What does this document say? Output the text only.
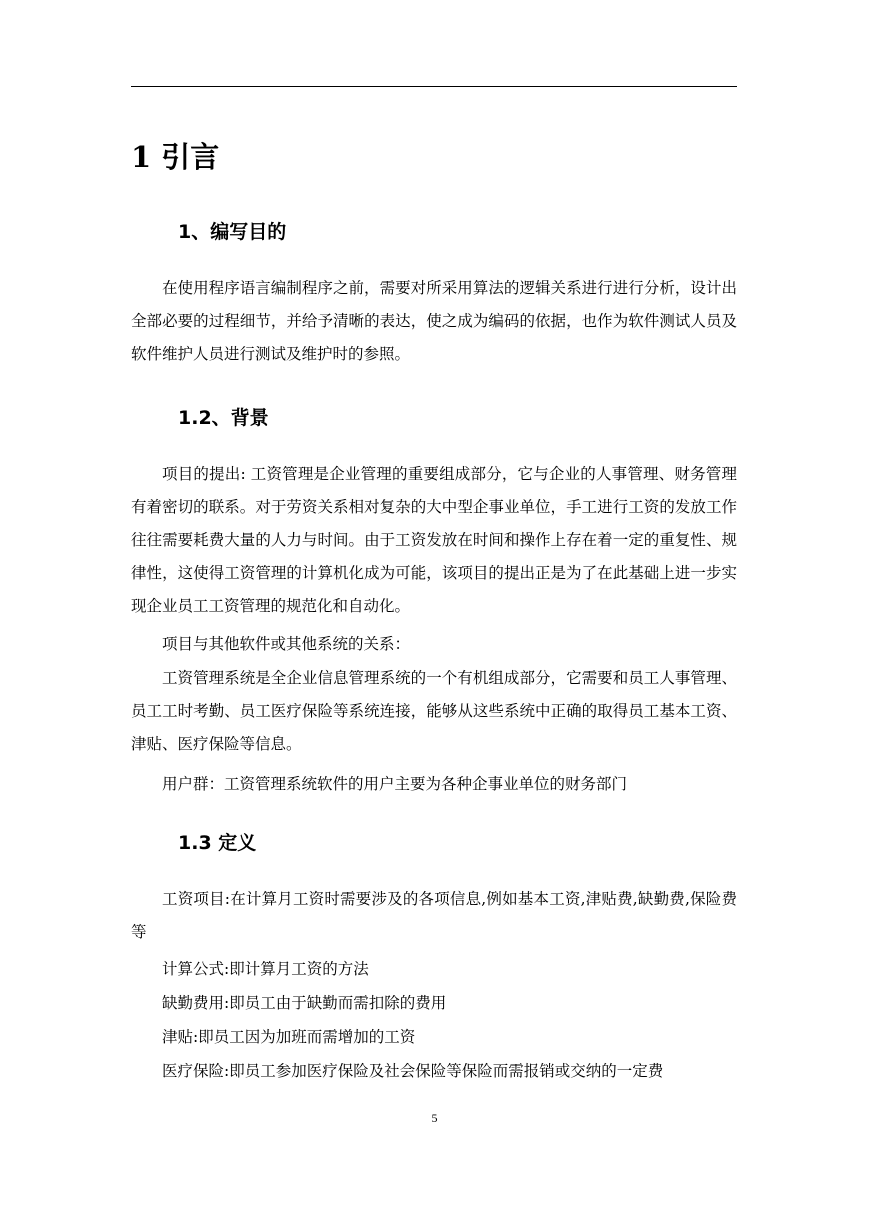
1 引言
1、编写目的

在使用程序语言编制程序之前，需要对所采用算法的逻辑关系进行进行分析，设计出全部必要的过程细节，并给予清晰的表达，使之成为编码的依据，也作为软件测试人员及软件维护人员进行测试及维护时的参照。

1.2、背景

项目的提出: 工资管理是企业管理的重要组成部分，它与企业的人事管理、财务管理有着密切的联系。对于劳资关系相对复杂的大中型企事业单位，手工进行工资的发放工作往往需要耗费大量的人力与时间。由于工资发放在时间和操作上存在着一定的重复性、规律性，这使得工资管理的计算机化成为可能，该项目的提出正是为了在此基础上进一步实现企业员工工资管理的规范化和自动化。

项目与其他软件或其他系统的关系：

工资管理系统是全企业信息管理系统的一个有机组成部分，它需要和员工人事管理、员工工时考勤、员工医疗保险等系统连接，能够从这些系统中正确的取得员工基本工资、津贴、医疗保险等信息。

用户群：工资管理系统软件的用户主要为各种企事业单位的财务部门

1.3 定义

工资项目:在计算月工资时需要涉及的各项信息,例如基本工资,津贴费,缺勤费,保险费等

计算公式:即计算月工资的方法

缺勤费用:即员工由于缺勤而需扣除的费用

津贴:即员工因为加班而需增加的工资

医疗保险:即员工参加医疗保险及社会保险等保险而需报销或交纳的一定费

5
